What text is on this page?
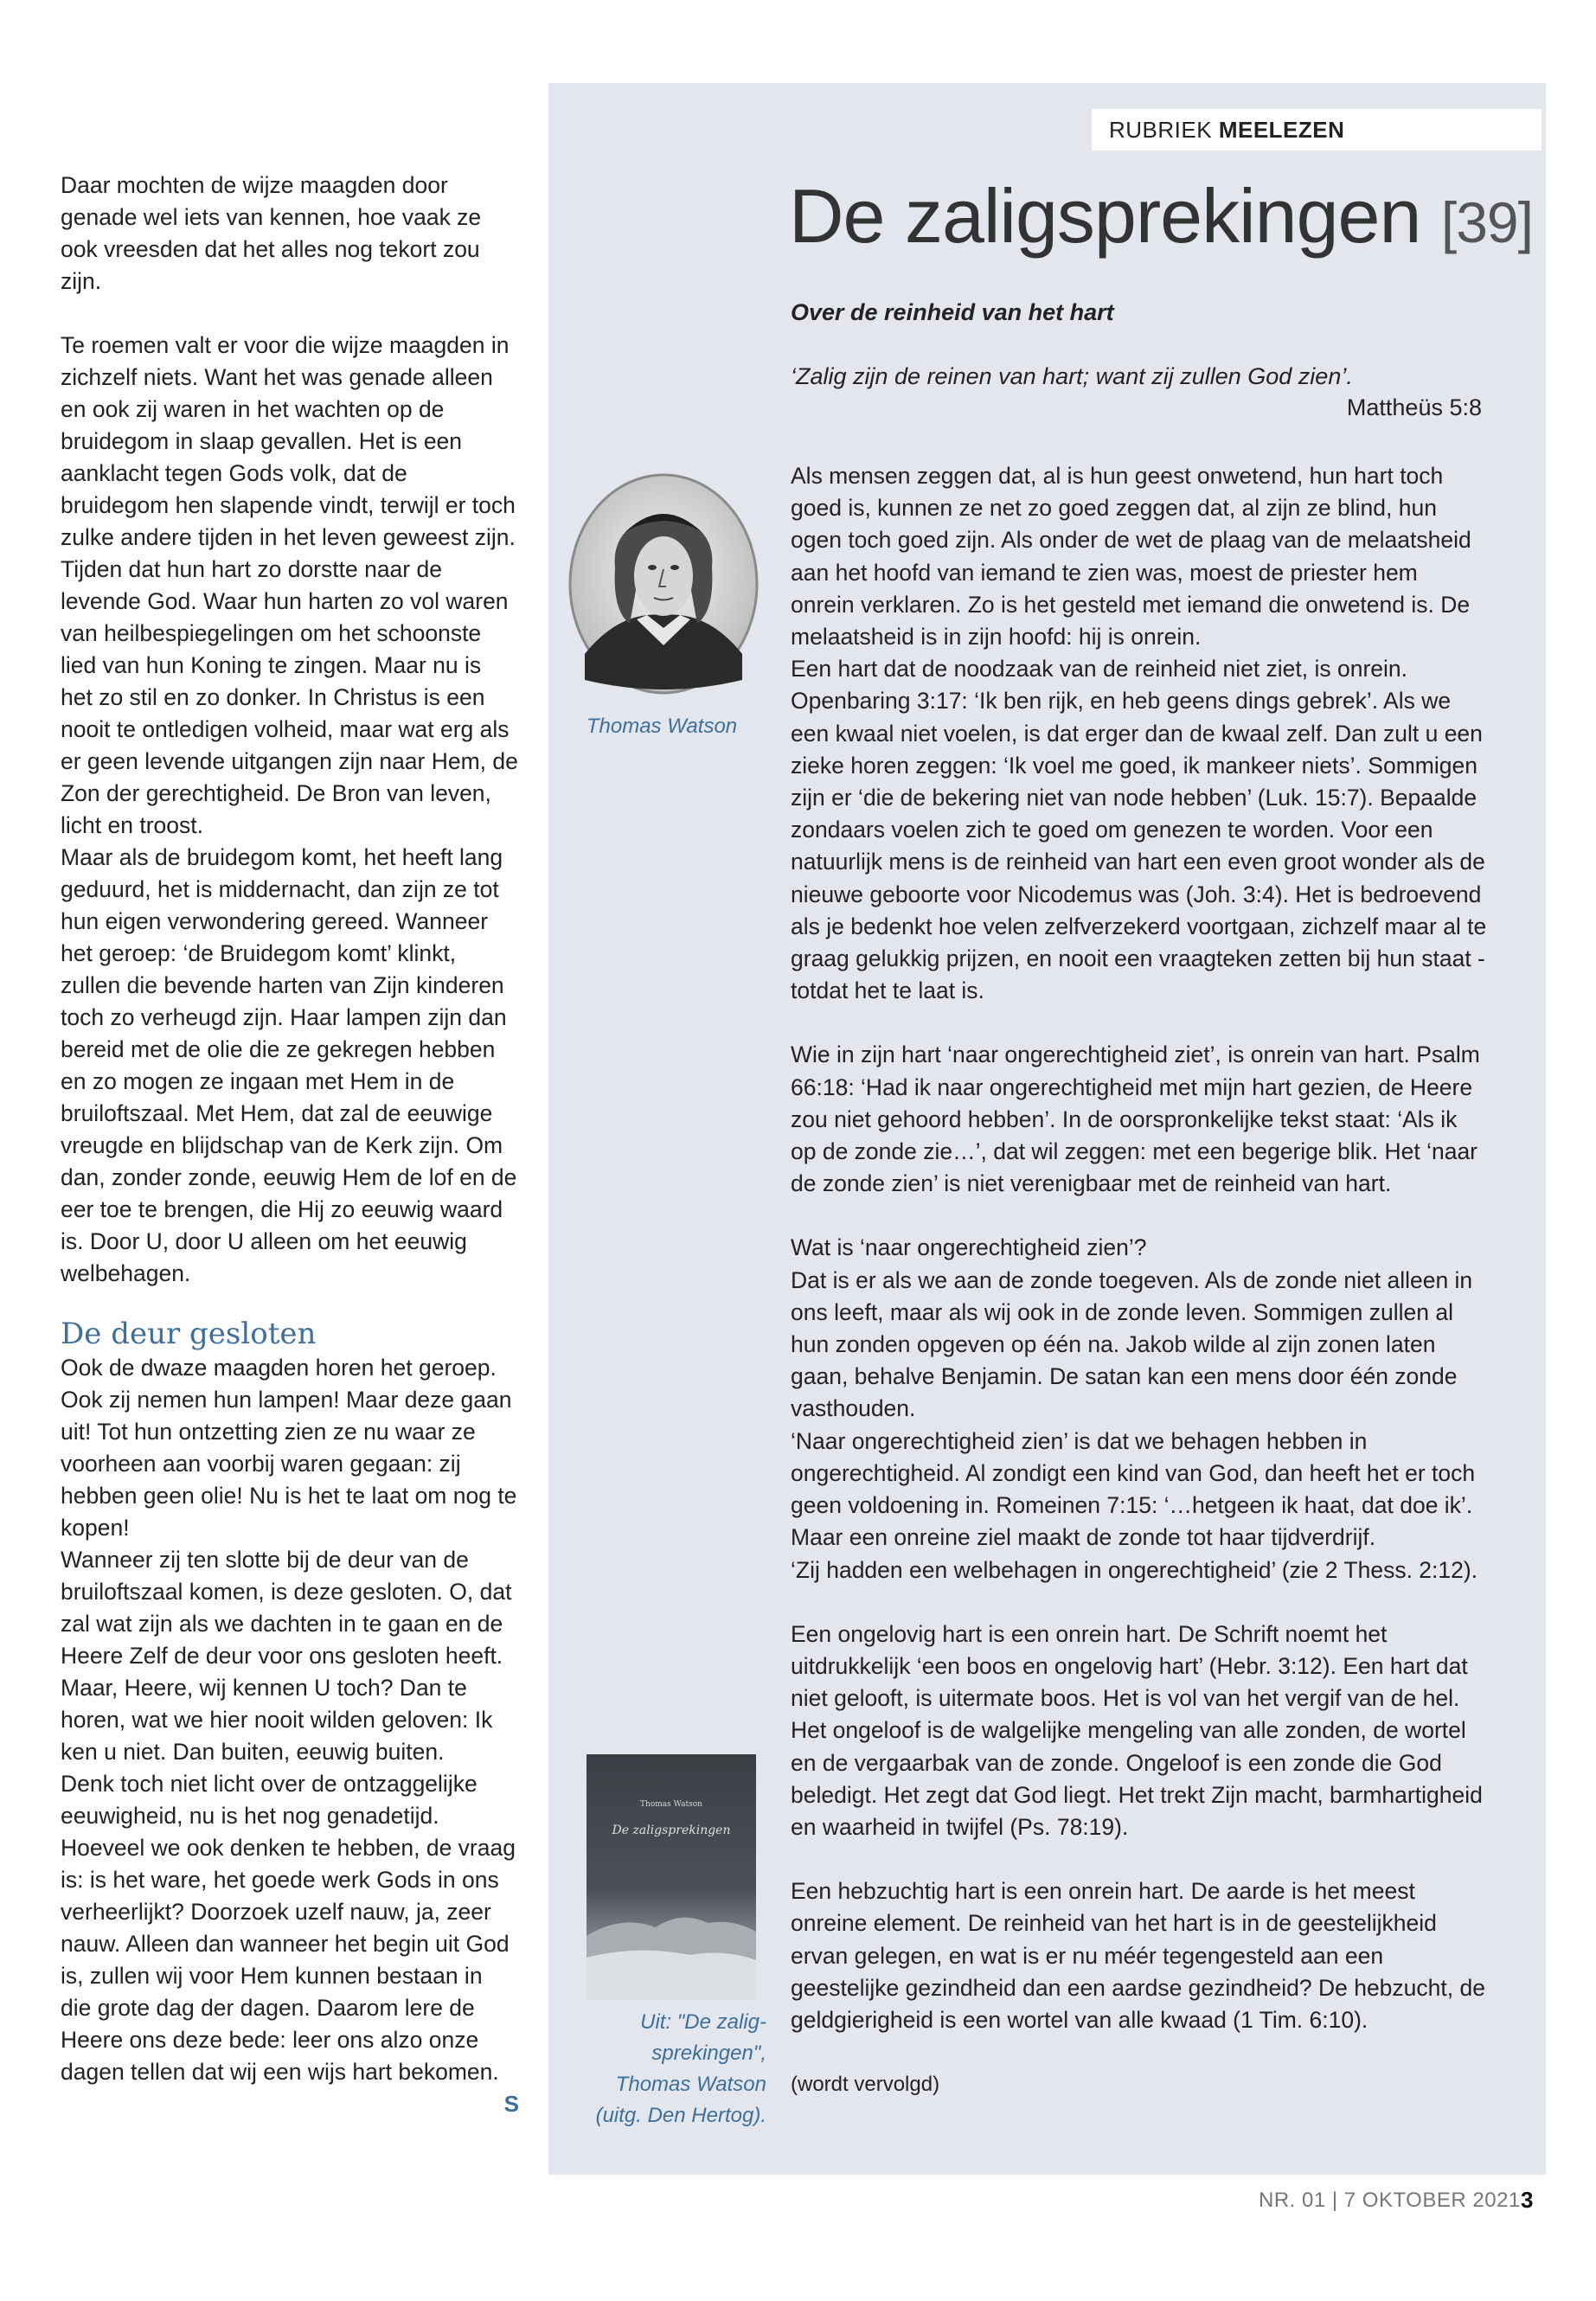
Daar mochten de wijze maagden door genade wel iets van kennen, hoe vaak ze ook vreesden dat het alles nog tekort zou zijn.

Te roemen valt er voor die wijze maagden in zichzelf niets. Want het was genade alleen en ook zij waren in het wachten op de bruidegom in slaap gevallen. Het is een aanklacht tegen Gods volk, dat de bruidegom hen slapende vindt, terwijl er toch zulke andere tijden in het leven geweest zijn. Tijden dat hun hart zo dorstte naar de levende God. Waar hun harten zo vol waren van heilbespiegelingen om het schoonste lied van hun Koning te zingen. Maar nu is het zo stil en zo donker. In Christus is een nooit te ontledigen volheid, maar wat erg als er geen levende uitgangen zijn naar Hem, de Zon der gerechtigheid. De Bron van leven, licht en troost.

Maar als de bruidegom komt, het heeft lang geduurd, het is middernacht, dan zijn ze tot hun eigen verwondering gereed. Wanneer het geroep: ‘de Bruidegom komt’ klinkt, zullen die bevende harten van Zijn kinderen toch zo verheugd zijn. Haar lampen zijn dan bereid met de olie die ze gekregen hebben en zo mogen ze ingaan met Hem in de bruiloftszaal. Met Hem, dat zal de eeuwige vreugde en blijdschap van de Kerk zijn. Om dan, zonder zonde, eeuwig Hem de lof en de eer toe te brengen, die Hij zo eeuwig waard is. Door U, door U alleen om het eeuwig welbehagen.

De deur gesloten

Ook de dwaze maagden horen het geroep. Ook zij nemen hun lampen! Maar deze gaan uit! Tot hun ontzetting zien ze nu waar ze voorheen aan voorbij waren gegaan: zij hebben geen olie! Nu is het te laat om nog te kopen!

Wanneer zij ten slotte bij de deur van de bruiloftszaal komen, is deze gesloten. O, dat zal wat zijn als we dachten in te gaan en de Heere Zelf de deur voor ons gesloten heeft. Maar, Heere, wij kennen U toch? Dan te horen, wat we hier nooit wilden geloven: Ik ken u niet. Dan buiten, eeuwig buiten.

Denk toch niet licht over de ontzaggelijke eeuwigheid, nu is het nog genadetijd. Hoeveel we ook denken te hebben, de vraag is: is het ware, het goede werk Gods in ons verheerlijkt? Doorzoek uzelf nauw, ja, zeer nauw. Alleen dan wanneer het begin uit God is, zullen wij voor Hem kunnen bestaan in die grote dag der dagen. Daarom lere de Heere ons deze bede: leer ons alzo onze dagen tellen dat wij een wijs hart bekomen.
S

RUBRIEK MEELEZEN
De zaligsprekingen [39]
Over de reinheid van het hart
‘Zalig zijn de reinen van hart; want zij zullen God zien’.
Mattheüs 5:8
Thomas Watson
Thomas Watson
De zaligsprekingen
Uit: "De zalig-
sprekingen",
Thomas Watson
(uitg. Den Hertog).

Als mensen zeggen dat, al is hun geest onwetend, hun hart toch goed is, kunnen ze net zo goed zeggen dat, al zijn ze blind, hun ogen toch goed zijn. Als onder de wet de plaag van de melaatsheid aan het hoofd van iemand te zien was, moest de priester hem onrein verklaren. Zo is het gesteld met iemand die onwetend is. De melaatsheid is in zijn hoofd: hij is onrein.

Een hart dat de noodzaak van de reinheid niet ziet, is onrein. Openbaring 3:17: ‘Ik ben rijk, en heb geens dings gebrek’. Als we een kwaal niet voelen, is dat erger dan de kwaal zelf. Dan zult u een zieke horen zeggen: ‘Ik voel me goed, ik mankeer niets’. Sommigen zijn er ‘die de bekering niet van node hebben’ (Luk. 15:7). Bepaalde zondaars voelen zich te goed om genezen te worden. Voor een natuurlijk mens is de reinheid van hart een even groot wonder als de nieuwe geboorte voor Nicodemus was (Joh. 3:4). Het is bedroevend als je bedenkt hoe velen zelfverzekerd voortgaan, zichzelf maar al te graag gelukkig prijzen, en nooit een vraagteken zetten bij hun staat -totdat het te laat is.

Wie in zijn hart ‘naar ongerechtigheid ziet’, is onrein van hart. Psalm 66:18: ‘Had ik naar ongerechtigheid met mijn hart gezien, de Heere zou niet gehoord hebben’. In de oorspronkelijke tekst staat: ‘Als ik op de zonde zie…’, dat wil zeggen: met een begerige blik. Het ‘naar de zonde zien’ is niet verenigbaar met de reinheid van hart.

Wat is ‘naar ongerechtigheid zien’?

Dat is er als we aan de zonde toegeven. Als de zonde niet alleen in ons leeft, maar als wij ook in de zonde leven. Sommigen zullen al hun zonden opgeven op één na. Jakob wilde al zijn zonen laten gaan, behalve Benjamin. De satan kan een mens door één zonde vasthouden.

‘Naar ongerechtigheid zien’ is dat we behagen hebben in ongerechtigheid. Al zondigt een kind van God, dan heeft het er toch geen voldoening in. Romeinen 7:15: ‘…hetgeen ik haat, dat doe ik’. Maar een onreine ziel maakt de zonde tot haar tijdverdrijf.

‘Zij hadden een welbehagen in ongerechtigheid’ (zie 2 Thess. 2:12).

Een ongelovig hart is een onrein hart. De Schrift noemt het uitdrukkelijk ‘een boos en ongelovig hart’ (Hebr. 3:12). Een hart dat niet gelooft, is uitermate boos. Het is vol van het vergif van de hel. Het ongeloof is de walgelijke mengeling van alle zonden, de wortel en de vergaarbak van de zonde. Ongeloof is een zonde die God beledigt. Het zegt dat God liegt. Het trekt Zijn macht, barmhartigheid en waarheid in twijfel (Ps. 78:19).

Een hebzuchtig hart is een onrein hart. De aarde is het meest onreine element. De reinheid van het hart is in de geestelijkheid ervan gelegen, en wat is er nu méér tegengesteld aan een geestelijke gezindheid dan een aardse gezindheid? De hebzucht, de geldgierigheid is een wortel van alle kwaad (1 Tim. 6:10).

(wordt vervolgd)

NR. 01 | 7 OKTOBER 2021 3
